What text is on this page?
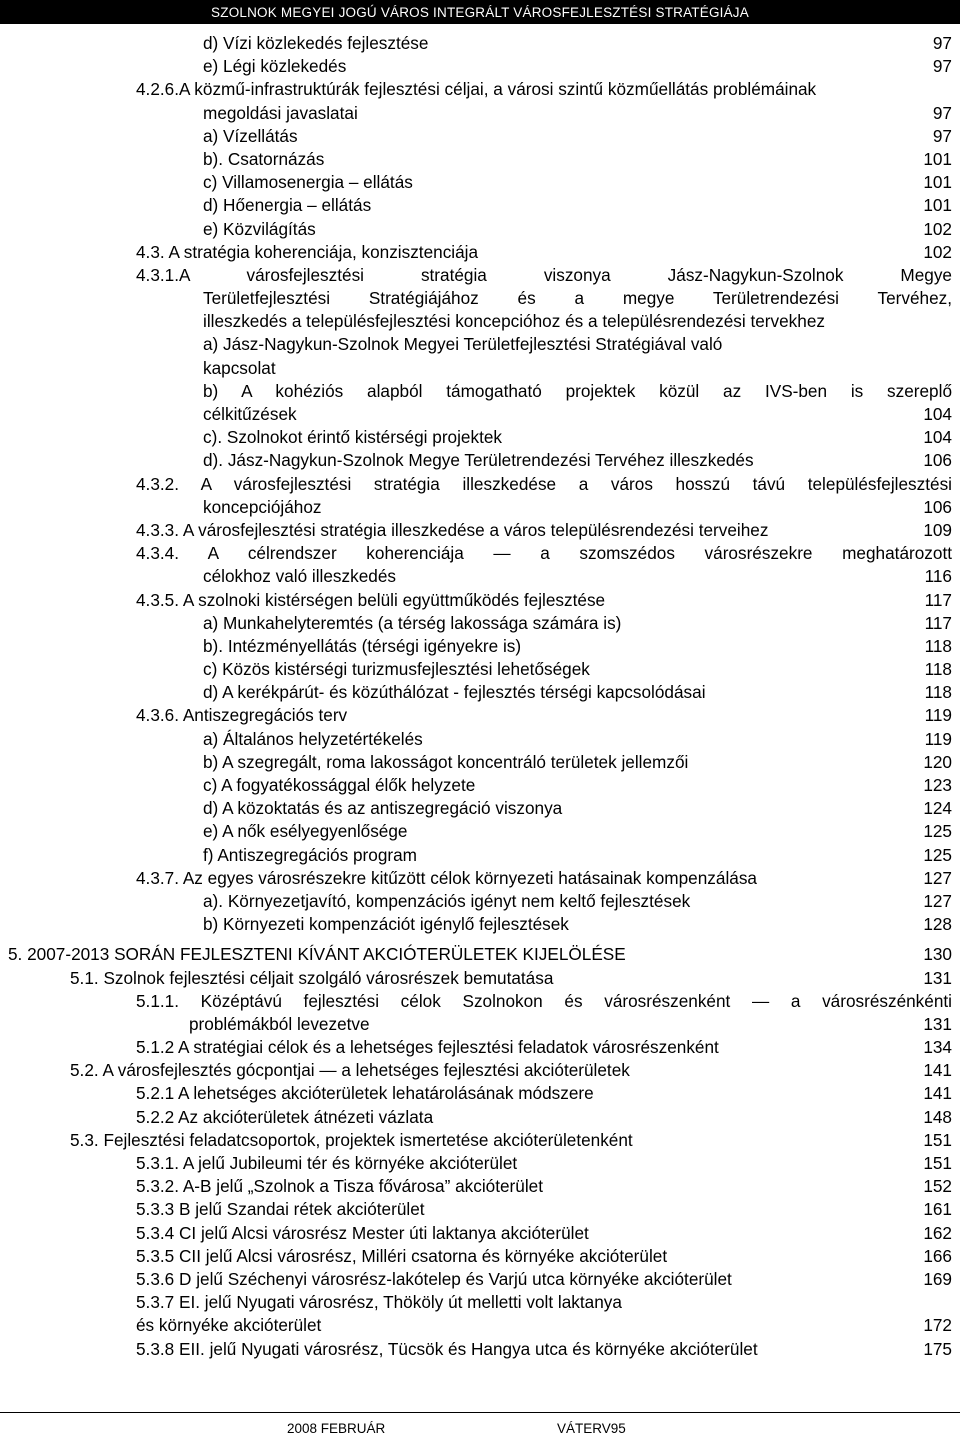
SZOLNOK MEGYEI JOGÚ VÁROS INTEGRÁLT VÁROSFEJLESZTÉSI STRATÉGIÁJA
d) Vízi közlekedés fejlesztése	97
e) Légi közlekedés	97
4.2.6.A közmű-infrastruktúrák fejlesztési céljai, a városi szintű közműellátás problémáinak
megoldási javaslatai	97
a) Vízellátás	97
b). Csatornázás	101
c) Villamosenergia – ellátás	101
d) Hőenergia – ellátás	101
e) Közvilágítás	102
4.3. A stratégia koherenciája, konzisztenciája	102
4.3.1.A városfejlesztési stratégia viszonya Jász-Nagykun-Szolnok Megye
Területfejlesztési Stratégiájához és a megye Területrendezési Tervéhez,
illeszkedés a településfejlesztési koncepcióhoz és a településrendezési tervekhez
a) Jász-Nagykun-Szolnok Megyei Területfejlesztési Stratégiával való
kapcsolat
b) A kohéziós alapból támogatható projektek közül az IVS-ben is szereplő
célkitűzések	104
c). Szolnokot érintő kistérségi projektek	104
d). Jász-Nagykun-Szolnok Megye Területrendezési Tervéhez illeszkedés	106
4.3.2. A városfejlesztési stratégia illeszkedése a város hosszú távú településfejlesztési
koncepciójához	106
4.3.3. A városfejlesztési stratégia illeszkedése a város településrendezési terveihez	109
4.3.4. A célrendszer koherenciája — a szomszédos városrészekre meghatározott
célokhoz való illeszkedés	116
4.3.5. A szolnoki kistérségen belüli együttműködés fejlesztése	117
a) Munkahelyteremtés (a térség lakossága számára is)	117
b). Intézményellátás (térségi igényekre is)	118
c) Közös kistérségi turizmusfejlesztési lehetőségek	118
d) A kerékpárút- és közúthálózat - fejlesztés térségi kapcsolódásai	118
4.3.6. Antiszegregációs terv	119
a) Általános helyzetértékelés	119
b) A szegregált, roma lakosságot koncentráló területek jellemzői	120
c) A fogyatékossággal élők helyzete	123
d) A közoktatás és az antiszegregáció viszonya	124
e) A nők esélyegyenlősége	125
f) Antiszegregációs program	125
4.3.7. Az egyes városrészekre kitűzött célok környezeti hatásainak kompenzálása	127
a). Környezetjavító, kompenzációs igényt nem keltő fejlesztések	127
b) Környezeti kompenzációt igénylő fejlesztések	128
5. 2007-2013 SORÁN FEJLESZTENI KÍVÁNT AKCIÓTERÜLETEK KIJELÖLÉSE	130
5.1. Szolnok fejlesztési céljait szolgáló városrészek bemutatása	131
5.1.1. Középtávú fejlesztési célok Szolnokon és városrészenként — a városrészénkénti
problémákból levezetve	131
5.1.2 A stratégiai célok és a lehetséges fejlesztési feladatok városrészenként	134
5.2. A városfejlesztés gócpontjai — a lehetséges fejlesztési akcióterületek	141
5.2.1 A lehetséges akcióterületek lehatárolásának módszere	141
5.2.2 Az akcióterületek átnézeti vázlata	148
5.3. Fejlesztési feladatcsoportok, projektek ismertetése akcióterületenként	151
5.3.1. A jelű Jubileumi tér és környéke akcióterület	151
5.3.2. A-B jelű „Szolnok a Tisza fővárosa” akcióterület	152
5.3.3 B jelű Szandai rétek akcióterület	161
5.3.4 CI jelű Alcsi városrész Mester úti laktanya akcióterület	162
5.3.5 CII jelű Alcsi városrész, Milléri csatorna és környéke akcióterület	166
5.3.6 D jelű Széchenyi városrész-lakótelep és Varjú utca környéke akcióterület	169
5.3.7 EI. jelű Nyugati városrész, Thököly út melletti volt laktanya
és környéke akcióterület	172
5.3.8 EII. jelű Nyugati városrész, Tücsök és Hangya utca és környéke akcióterület	175
2008 FEBRUÁR	VÁTERV95
